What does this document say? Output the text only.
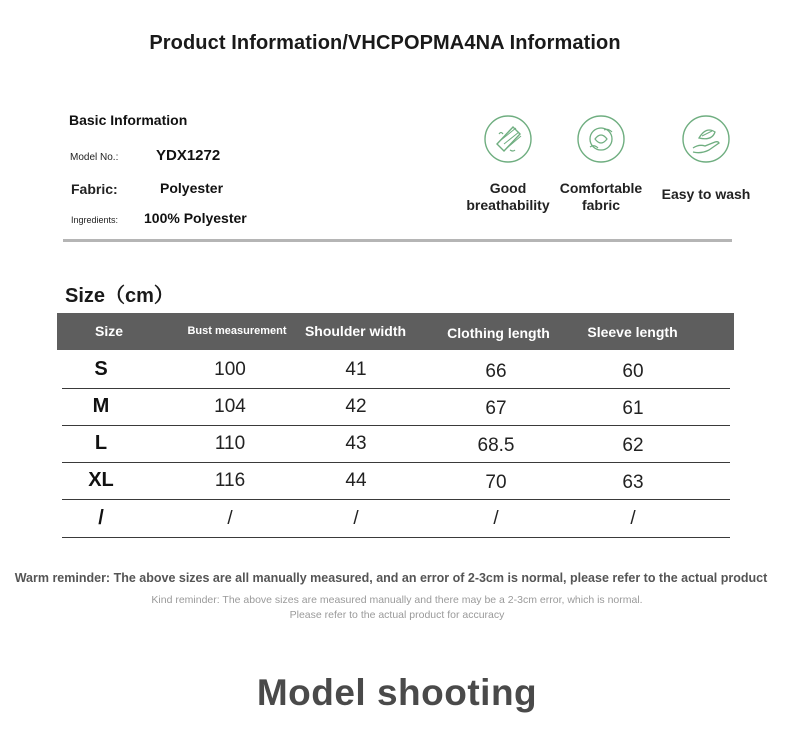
Product Information/VHCPOPMA4NA Information
Basic Information
Model No.:	YDX1272
Fabric:	Polyester
Ingredients: 100% Polyester
Good
breathability
Comfortable
fabric
Easy to wash
Size（cm）
Size	Bust measurement	Shoulder width	Clothing length	Sleeve length
S	100	41	66	60
M	104	42	67	61
L	110	43	68.5	62
XL	116	44	70	63
/	/	/	/	/
Warm reminder: The above sizes are all manually measured, and an error of 2-3cm is normal, please refer to the actual product
Kind reminder: The above sizes are measured manually and there may be a 2-3cm error, which is normal.
Please refer to the actual product for accuracy
Model shooting
